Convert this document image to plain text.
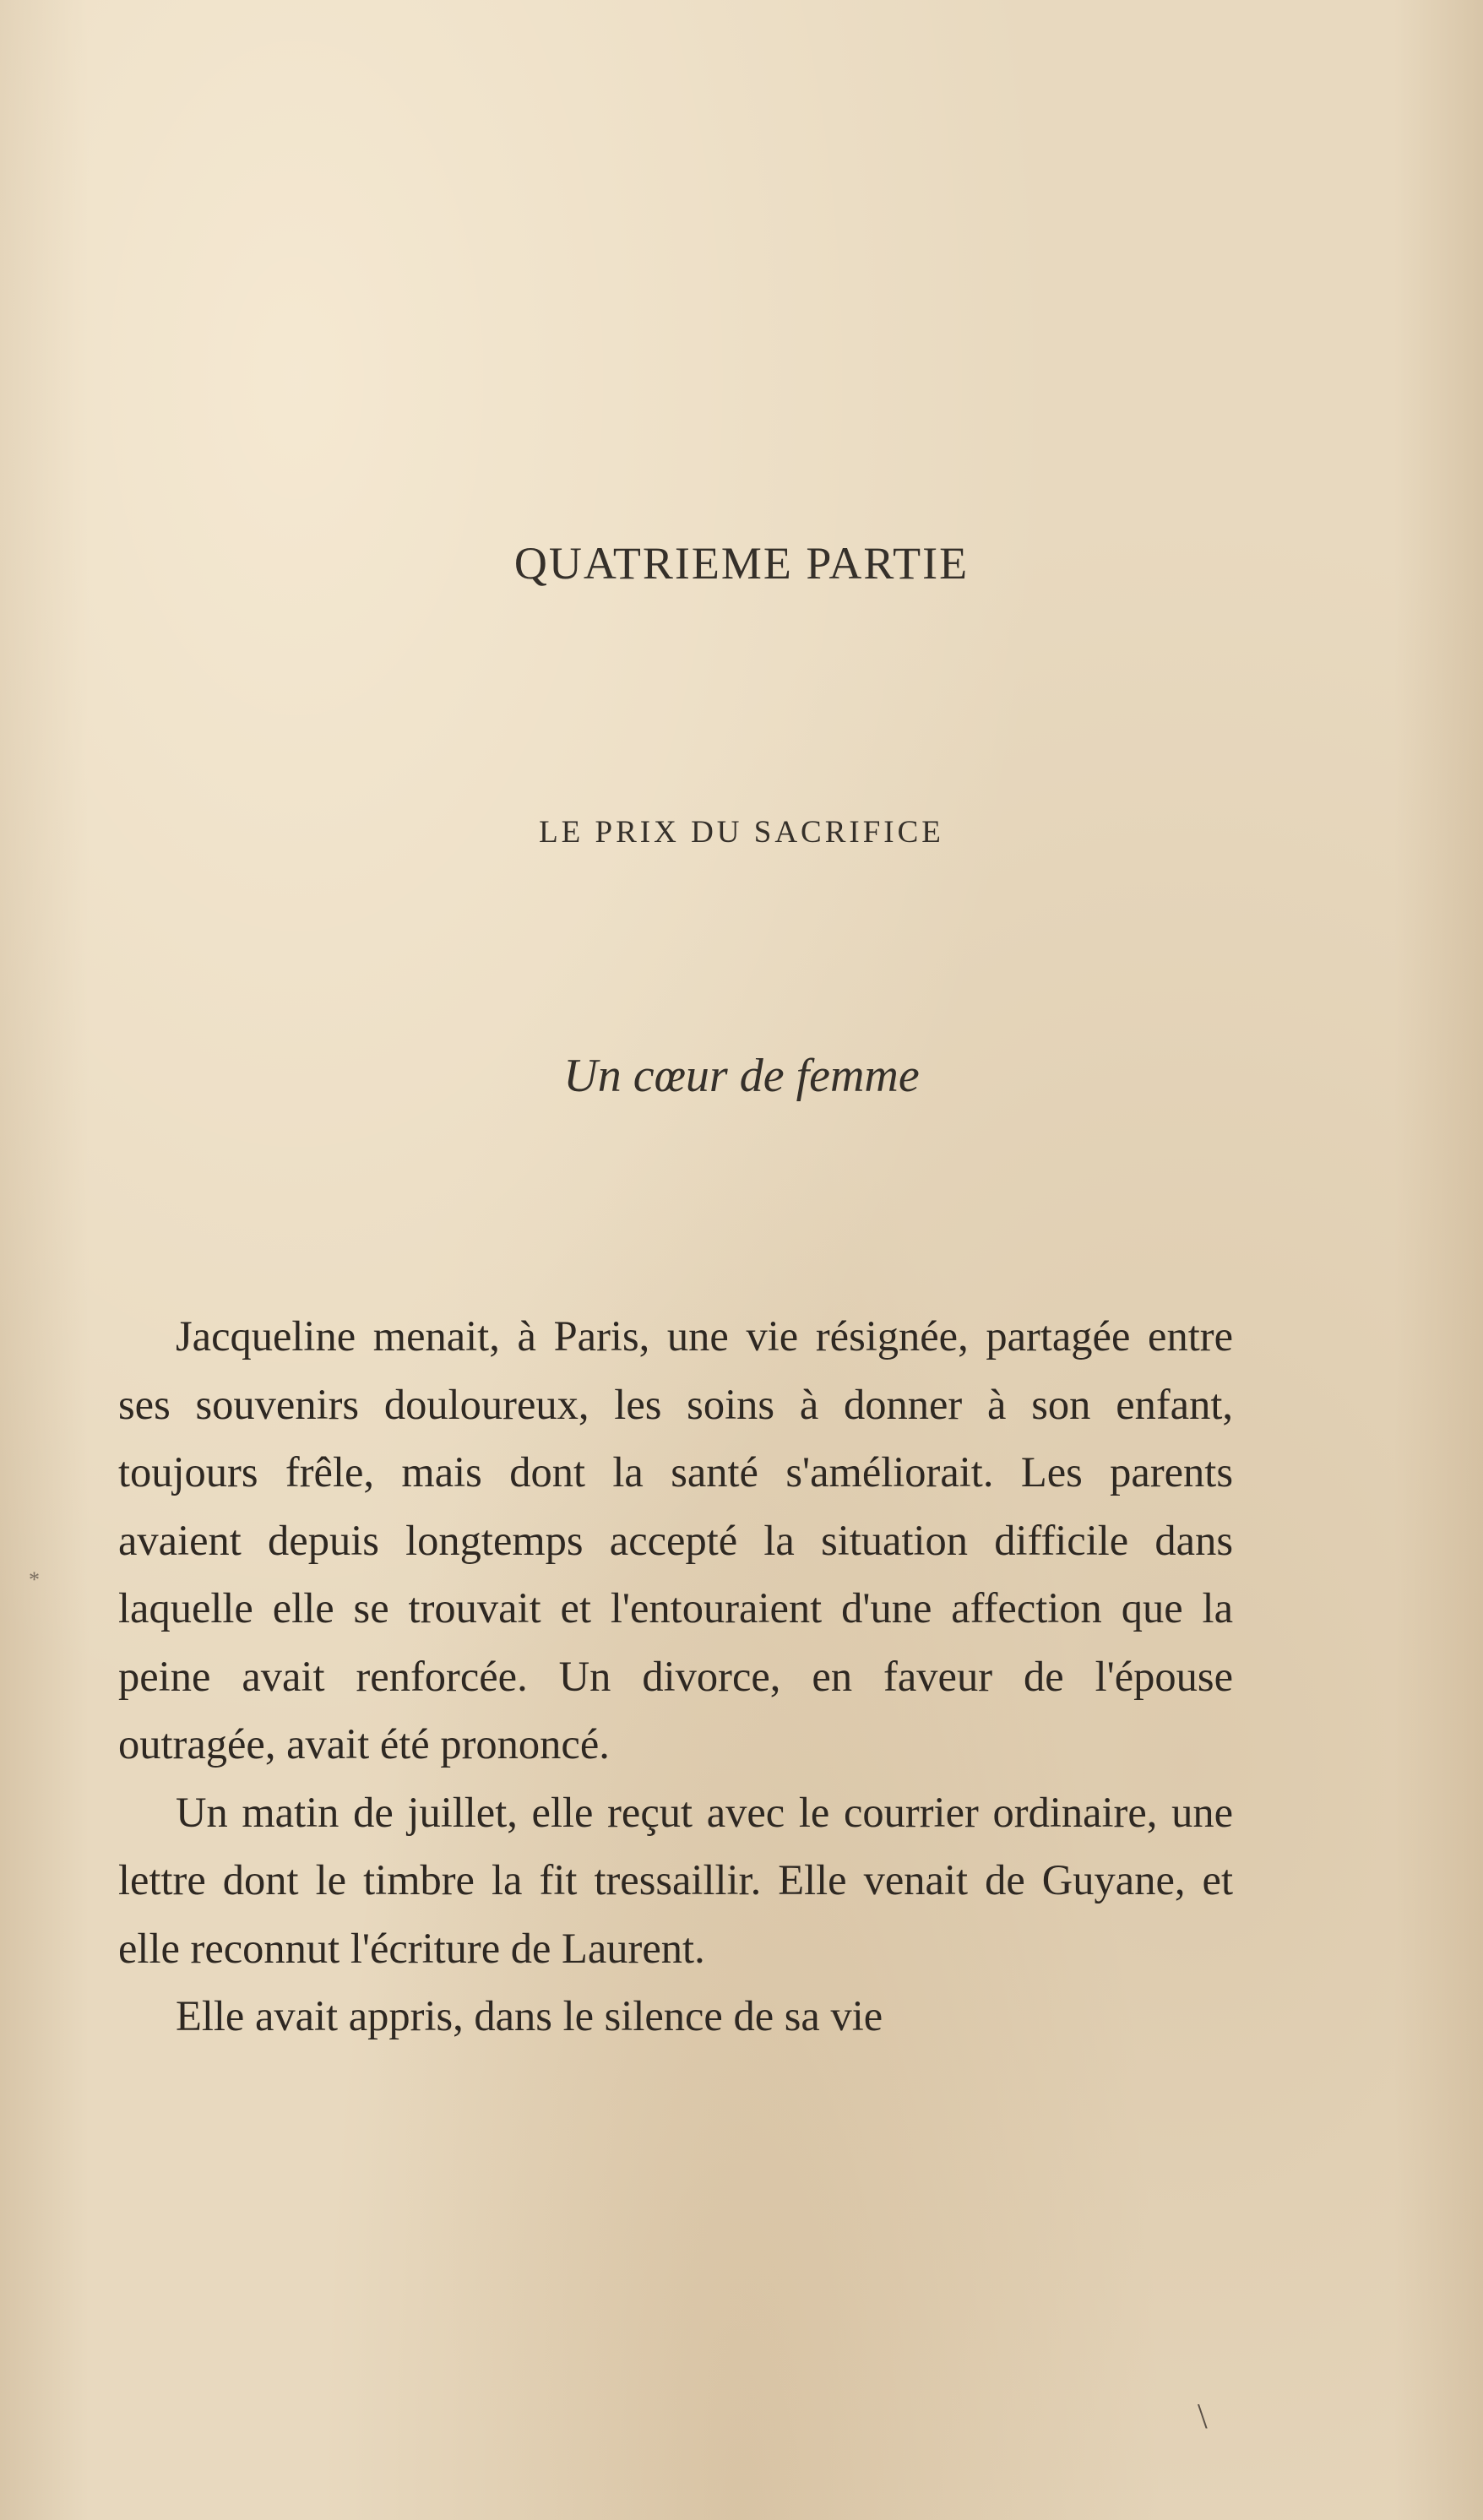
QUATRIEME PARTIE
LE PRIX DU SACRIFICE
Un cœur de femme

Jacqueline menait, à Paris, une vie résignée, partagée entre ses souvenirs douloureux, les soins à donner à son enfant, toujours frêle, mais dont la santé s'améliorait. Les parents avaient depuis longtemps accepté la situation difficile dans laquelle elle se trouvait et l'entouraient d'une affection que la peine avait renforcée. Un divorce, en faveur de l'épouse outragée, avait été prononcé.

Un matin de juillet, elle reçut avec le courrier ordinaire, une lettre dont le timbre la fit tressaillir. Elle venait de Guyane, et elle reconnut l'écriture de Laurent.

Elle avait appris, dans le silence de sa vie

*
\
